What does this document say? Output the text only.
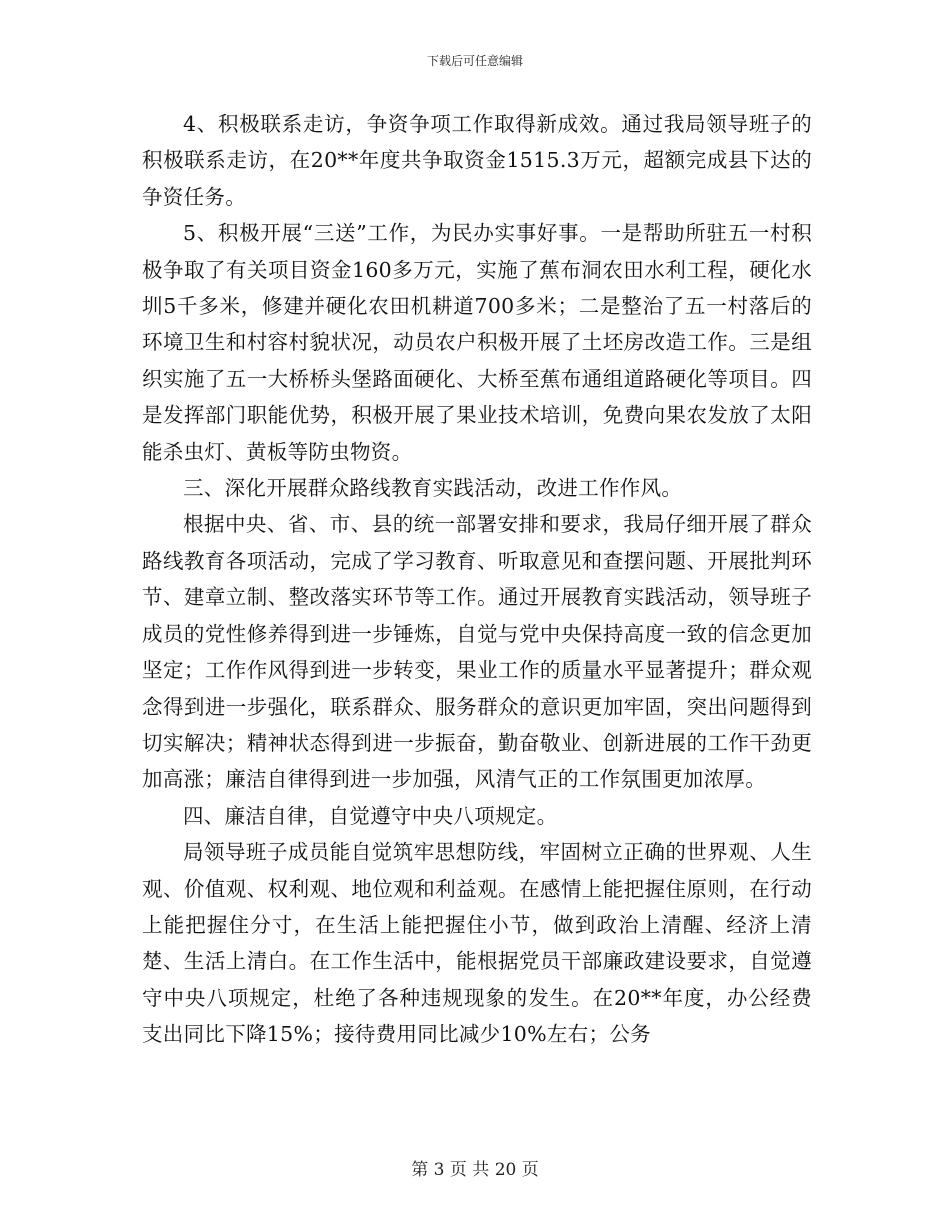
下载后可任意编辑

4、积极联系走访，争资争项工作取得新成效。通过我局领导班子的积极联系走访，在20**年度共争取资金1515.3万元，超额完成县下达的争资任务。

5、积极开展“三送”工作，为民办实事好事。一是帮助所驻五一村积极争取了有关项目资金160多万元，实施了蕉布洞农田水利工程，硬化水圳5千多米，修建并硬化农田机耕道700多米；二是整治了五一村落后的环境卫生和村容村貌状况，动员农户积极开展了土坯房改造工作。三是组织实施了五一大桥桥头堡路面硬化、大桥至蕉布通组道路硬化等项目。四是发挥部门职能优势，积极开展了果业技术培训，免费向果农发放了太阳能杀虫灯、黄板等防虫物资。

三、深化开展群众路线教育实践活动，改进工作作风。

根据中央、省、市、县的统一部署安排和要求，我局仔细开展了群众路线教育各项活动，完成了学习教育、听取意见和查摆问题、开展批判环节、建章立制、整改落实环节等工作。通过开展教育实践活动，领导班子成员的党性修养得到进一步锤炼，自觉与党中央保持高度一致的信念更加坚定；工作作风得到进一步转变，果业工作的质量水平显著提升；群众观念得到进一步强化，联系群众、服务群众的意识更加牢固，突出问题得到切实解决；精神状态得到进一步振奋，勤奋敬业、创新进展的工作干劲更加高涨；廉洁自律得到进一步加强，风清气正的工作氛围更加浓厚。

四、廉洁自律，自觉遵守中央八项规定。

局领导班子成员能自觉筑牢思想防线，牢固树立正确的世界观、人生观、价值观、权利观、地位观和利益观。在感情上能把握住原则，在行动上能把握住分寸，在生活上能把握住小节，做到政治上清醒、经济上清楚、生活上清白。在工作生活中，能根据党员干部廉政建设要求，自觉遵守中央八项规定，杜绝了各种违规现象的发生。在20**年度，办公经费支出同比下降15%；接待费用同比减少10%左右；公务

第 3 页 共 20 页
